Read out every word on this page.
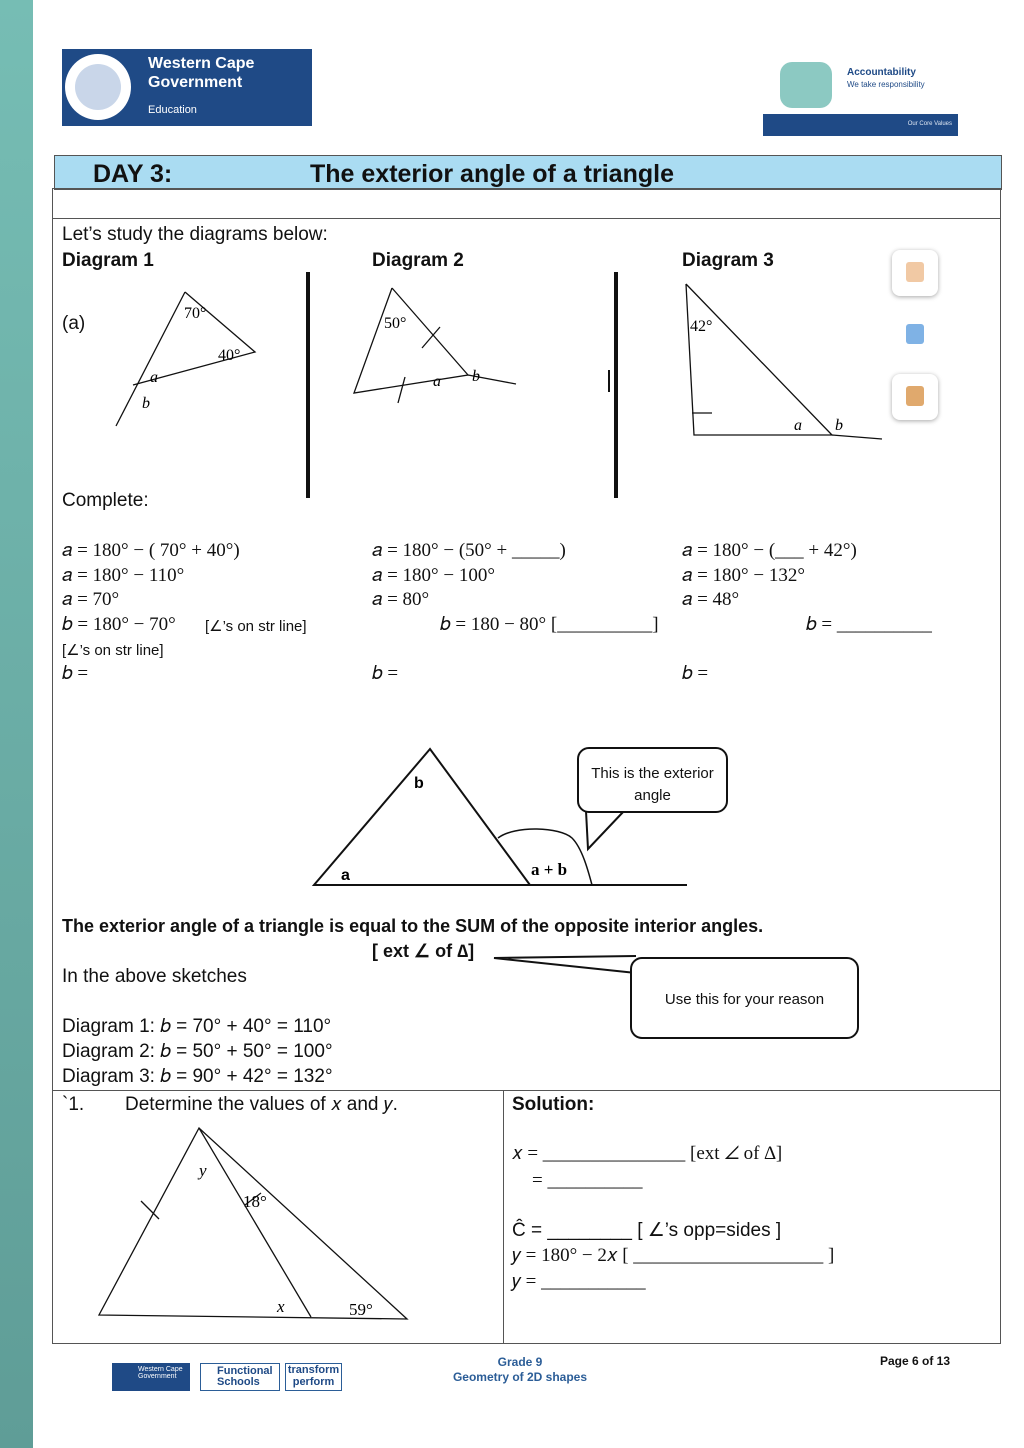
Western Cape
Government
Education
Accountability
We take responsibility
Our Core Values
DAY 3:	The exterior angle of a triangle
Let’s study the diagrams below:
Diagram 1	Diagram 2	Diagram 3
(a)	70°
40°
a
b
50°
a b
42°
a b
Complete:
𝑎 = 180° − ( 70° + 40°)
𝑎 = 180° − 110°
𝑎 = 70°
𝑏 = 180° − 70° [∠’s on str line]
[∠’s on str line]
𝑏 =
𝑎 = 180° − (50° + _____)
𝑎 = 180° − 100°
𝑎 = 80°
𝑏 = 180 − 80° [__________]
𝑏 =
𝑎 = 180° − (___ + 42°)
𝑎 = 180° − 132°
𝑎 = 48°
𝑏 = __________
𝑏 =
b
a	a + b
This is the exterior angle
The exterior angle of a triangle is equal to the SUM of the opposite interior angles.
[ ext ∠ of ∆]
Use this for your reason
In the above sketches
Diagram 1: 𝑏 = 70° + 40° = 110°
Diagram 2: 𝑏 = 50° + 50° = 100°
Diagram 3: 𝑏 = 90° + 42° = 132°
`1. Determine the values of 𝑥 and 𝑦.
y
18°
x	59°
Solution:
𝑥 = _______________ [ext ∠ of ∆]
= __________
Ĉ = ________ [ ∠’s opp=sides ]
𝑦 = 180° − 2𝑥 [ ____________________ ]
𝑦 = ___________
Western Cape Government	Functional Schools
transform perform
Grade 9
Geometry of 2D shapes
Page 6 of 13
